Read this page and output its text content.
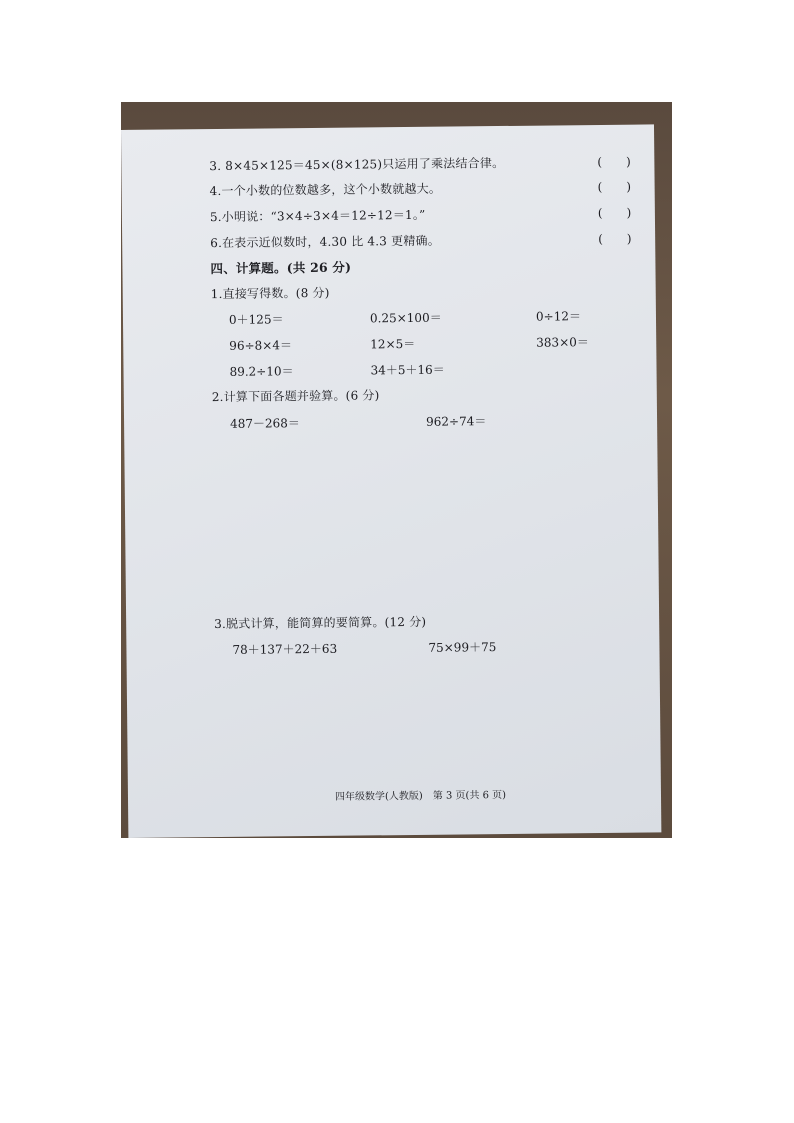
3. 8×45×125＝45×(8×125)只运用了乘法结合律。	(　　)
4.一个小数的位数越多，这个小数就越大。	(　　)
5.小明说：“3×4÷3×4＝12÷12＝1。”	(　　)
6.在表示近似数时，4.30 比 4.3 更精确。	(　　)
四、计算题。(共 26 分)
1.直接写得数。(8 分)
0＋125＝	0.25×100＝	0÷12＝
96÷8×4＝	12×5＝	383×0＝
89.2÷10＝	34＋5＋16＝
2.计算下面各题并验算。(6 分)
487－268＝	962÷74＝
3.脱式计算，能简算的要简算。(12 分)
78＋137＋22＋63	75×99＋75
四年级数学(人教版)　第 3 页(共 6 页)
